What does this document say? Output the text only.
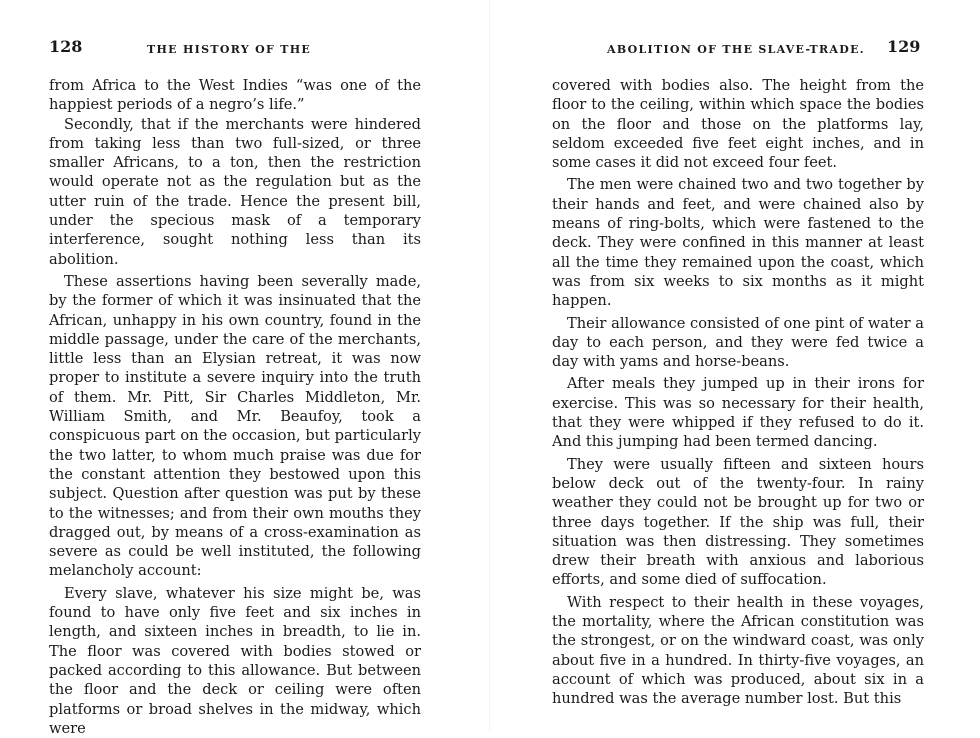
128	THE HISTORY OF THE

from Africa to the West Indies “was one of the happiest periods of a negro’s life.”

Secondly, that if the merchants were hindered from taking less than two full-sized, or three smaller Africans, to a ton, then the restriction would operate not as the regulation but as the utter ruin of the trade. Hence the present bill, under the specious mask of a temporary interference, sought nothing less than its abolition.

These assertions having been severally made, by the former of which it was insinuated that the African, unhappy in his own country, found in the middle passage, under the care of the merchants, little less than an Elysian retreat, it was now proper to institute a severe inquiry into the truth of them. Mr. Pitt, Sir Charles Middleton, Mr. William Smith, and Mr. Beaufoy, took a conspicuous part on the occasion, but particularly the two latter, to whom much praise was due for the constant attention they bestowed upon this subject. Question after question was put by these to the witnesses; and from their own mouths they dragged out, by means of a cross-examination as severe as could be well instituted, the following melancholy account:

Every slave, whatever his size might be, was found to have only five feet and six inches in length, and sixteen inches in breadth, to lie in. The floor was covered with bodies stowed or packed according to this allowance. But between the floor and the deck or ceiling were often platforms or broad shelves in the midway, which were

ABOLITION OF THE SLAVE-TRADE. 129

covered with bodies also. The height from the floor to the ceiling, within which space the bodies on the floor and those on the platforms lay, seldom exceeded five feet eight inches, and in some cases it did not exceed four feet.

The men were chained two and two together by their hands and feet, and were chained also by means of ring-bolts, which were fastened to the deck. They were confined in this manner at least all the time they remained upon the coast, which was from six weeks to six months as it might happen.

Their allowance consisted of one pint of water a day to each person, and they were fed twice a day with yams and horse-beans.

After meals they jumped up in their irons for exercise. This was so necessary for their health, that they were whipped if they refused to do it. And this jumping had been termed dancing.

They were usually fifteen and sixteen hours below deck out of the twenty-four. In rainy weather they could not be brought up for two or three days together. If the ship was full, their situation was then distressing. They sometimes drew their breath with anxious and laborious efforts, and some died of suffocation.

With respect to their health in these voyages, the mortality, where the African constitution was the strongest, or on the windward coast, was only about five in a hundred. In thirty-five voyages, an account of which was produced, about six in a hundred was the average number lost. But this
